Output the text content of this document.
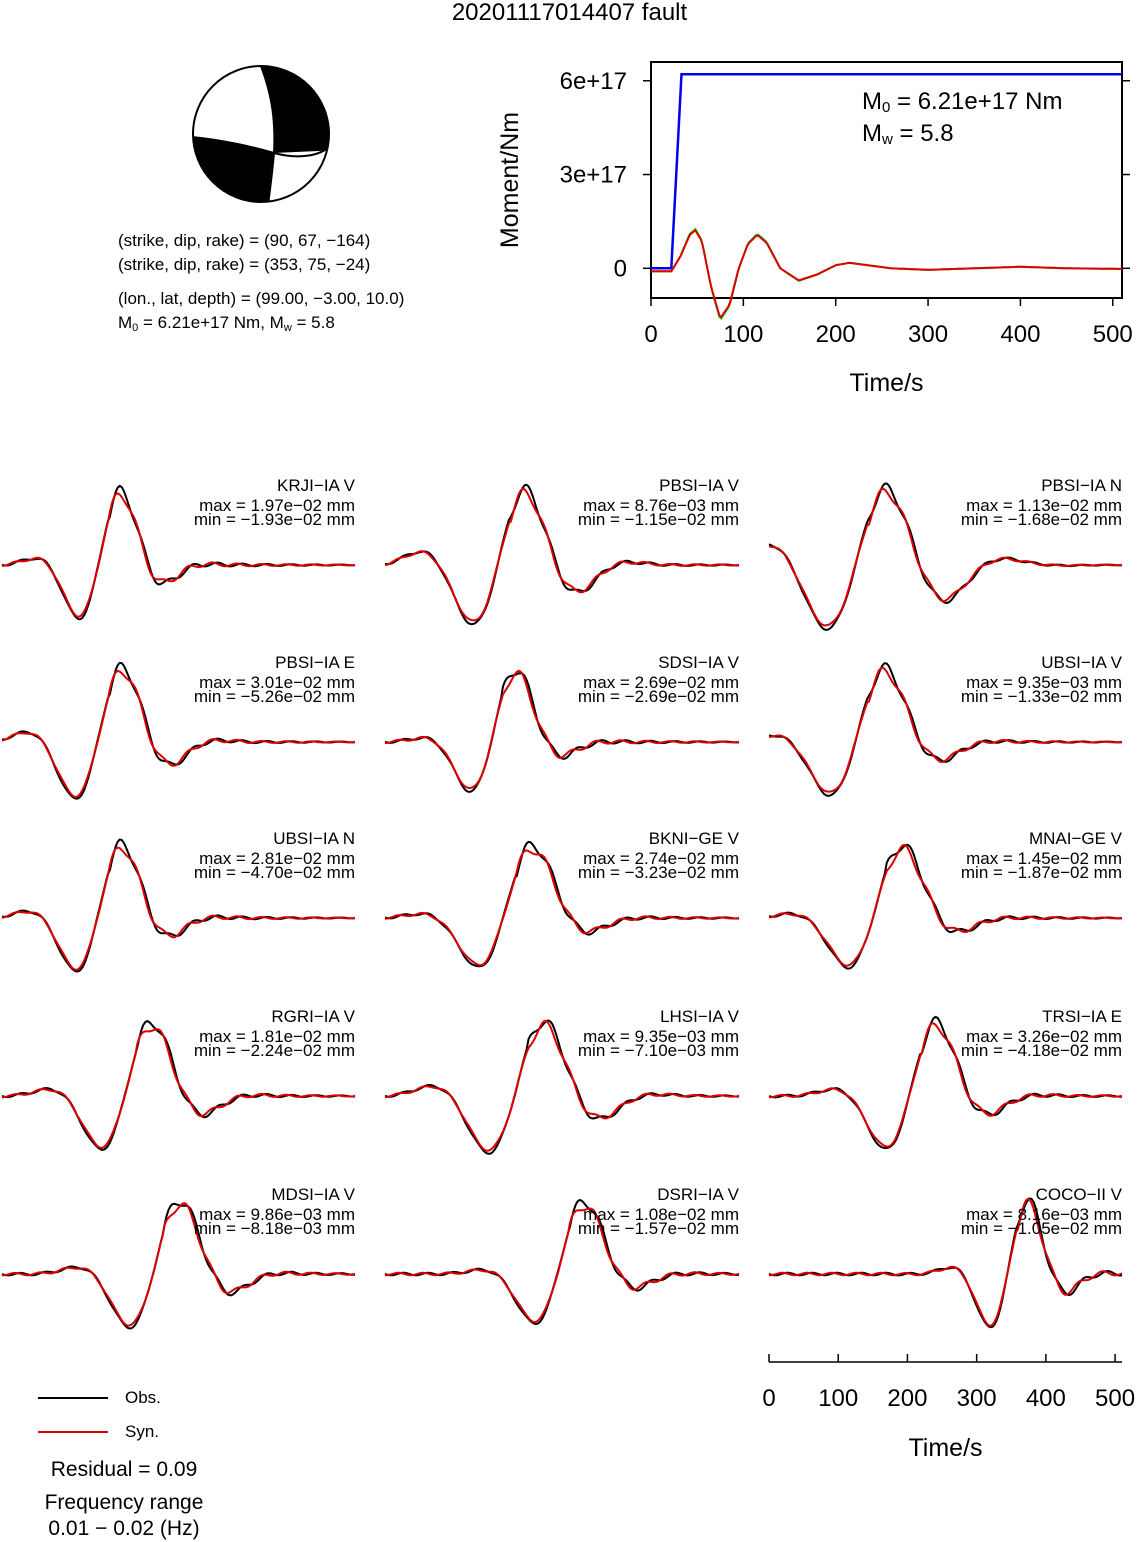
20201117014407 fault
(strike, dip, rake) = (90, 67, −164)
(strike, dip, rake) = (353, 75, −24)
(lon., lat, depth) = (99.00, −3.00, 10.0)
$M_0 = 6.21e+17$ Nm, $M_w = 5.8$	0	100 200 300 400 500
0
3e+17
6e+17
Time/s
Moment/Nm
$M_0 = 6.21e+17$ Nm
$M_w = 5.8$
0 100 200 300 400 500
Time/s
KRJI−IA V
max = 1.97e−02 mm
min = −1.93e−02 mm
PBSI−IA V
max = 8.76e−03 mm
min = −1.15e−02 mm
PBSI−IA N
max = 1.13e−02 mm
min = −1.68e−02 mm
PBSI−IA E
max = 3.01e−02 mm
min = −5.26e−02 mm
SDSI−IA V
max = 2.69e−02 mm
min = −2.69e−02 mm
UBSI−IA V
max = 9.35e−03 mm
min = −1.33e−02 mm
UBSI−IA N
max = 2.81e−02 mm
min = −4.70e−02 mm
BKNI−GE V
max = 2.74e−02 mm
min = −3.23e−02 mm
MNAI−GE V
max = 1.45e−02 mm
min = −1.87e−02 mm
RGRI−IA V
max = 1.81e−02 mm
min = −2.24e−02 mm
LHSI−IA V
max = 9.35e−03 mm
min = −7.10e−03 mm
TRSI−IA E
max = 3.26e−02 mm
min = −4.18e−02 mm
MDSI−IA V
max = 9.86e−03 mm
min = −8.18e−03 mm
DSRI−IA V
max = 1.08e−02 mm
min = −1.57e−02 mm
COCO−II V
max = 8.16e−03 mm
min = −1.05e−02 mm
Obs.
Syn.
Residual = 0.09
Frequency range
0.01 − 0.02 (Hz)
